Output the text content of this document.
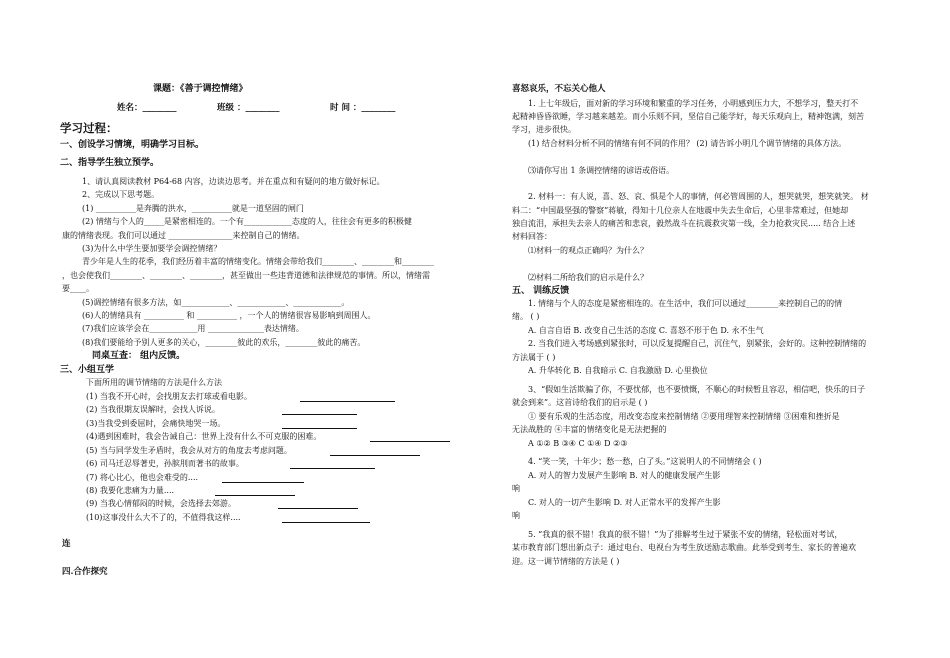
课题：《善于调控情绪》
姓名：________	班级 ：________	时 间 ：________
学习过程：
一、创设学习情境，明确学习目标。
二、指导学生独立预学。
1、请认真阅读教材 P64-68 内容，边读边思考。并在重点和有疑问的地方做好标记。
2、完成以下思考题。
(1) __________是奔腾的洪水，__________就是一道坚固的闸门
(2) 情绪与个人的_____是紧密相连的。一个有____________态度的人，往往会有更多的积极健
康的情绪表现。我们可以通过 ________________来控制自己的情绪。
(3)为什么中学生要加要学会调控情绪？
青少年是人生的花季，我们经历着丰富的情绪变化。情绪会带给我们________、________和________
，也会使我们________、________、________，甚至做出一些违背道德和法律规范的事情。所以，情绪需
要____。
(5)调控情绪有很多方法，如____________、____________、____________。
(6)人的情绪具有 __________ 和 __________ ，一个人的情绪很容易影响到周围人。
(7)我们应该学会在____________用 ______________表达情绪。
(8)我们要能给予别人更多的关心，________彼此的欢乐，________彼此的痛苦。
同桌互查： 组内反馈。
三、小组互学
下面所用的调节情绪的方法是什么方法
(1) 当我不开心时，会找朋友去打球或看电影。
(2) 当我很期友误解时，会找人诉说。
(3)当我受到委屈时，会痛快地哭一场。
(4)遇到困难时，我会告诫自己：世界上没有什么不可克服的困难。
(5) 当与同学发生矛盾时，我会从对方的角度去考虑问题。
(6) 司马迁忍辱著史，孙膑刖而著书的故事。
(7) 将心比心，他也会难受的....
(8) 我要化悲痛为力量....
(9) 当我心情郁闷的时候，会选择去郊游。
(10)这事没什么大不了的，不值得我这样....
连
四.合作探究
喜怒哀乐，不忘关心他人
1. 上七年级后，面对新的学习环境和繁重的学习任务，小明感到压力大，不想学习，整天打不
起精神昏昏欲睡，学习越来越差。而小乐则不同，坚信自己能学好，每天乐观向上，精神饱满，刻苦
学习，进步很快。
(1) 结合材料分析不同的情绪有何不同的作用？ (2) 请告诉小明几个调节情绪的具体方法。
⑶请你写出 1 条调控情绪的谚语或俗语。
2. 材料一：有人说，喜、怒、哀、惧是个人的事情，何必管周围的人，想哭就哭，想笑就笑。 材
料二：“中国最坚强的警察”蒋敏，得知十几位亲人在地震中失去生命后，心里非常难过，但她却
独自流泪，承担失去亲人的痛苦和悲哀，毅然战斗在抗震救灾第一线，全力抢救灾民..... 结合上述
材料回答：
⑴材料一的观点正确吗？为什么？
⑵材料二所给我们的启示是什么？
五、 训练反馈
1. 情绪与个人的态度是紧密相连的。在生活中，我们可以通过________来控制自己的的情
绪。 ( )
A. 自言自语 B. 改变自己生活的态度 C. 喜怒不形于色 D. 永不生气
2. 当我们进入考场感到紧张时，可以反复提醒自己，沉住气，别紧张，会好的。这种控制情绪的
方法属于 ( )
A. 升华转化 B. 自我暗示 C. 自我激励 D. 心里换位
3、“假如生活欺骗了你，不要忧郁，也不要愤慨，不顺心的时候暂且容忍，相信吧，快乐的日子
就会到来”。这首诗给我们的启示是 ( )
① 要有乐观的生活态度，用改变态度来控制情绪 ②要用理智来控制情绪 ③困难和挫折是
无法战胜的 ④丰富的情绪变化是无法把握的
A ①② B ③④ C ①④ D ②③
4. “笑一笑，十年少；愁一愁，白了头。”这说明人的不同情绪会 ( )
A. 对人的智力发展产生影响 B. 对人的健康发展产生影
响
C. 对人的一切产生影响 D. 对人正常水平的发挥产生影
响
5. “我真的很不错！我真的很不错！”为了排解考生过于紧张不安的情绪，轻松面对考试，
某市教育部门想出新点子：通过电台、电视台为考生放送励志歌曲。此举受到考生、家长的普遍欢
迎。这一调节情绪的方法是 ( )
